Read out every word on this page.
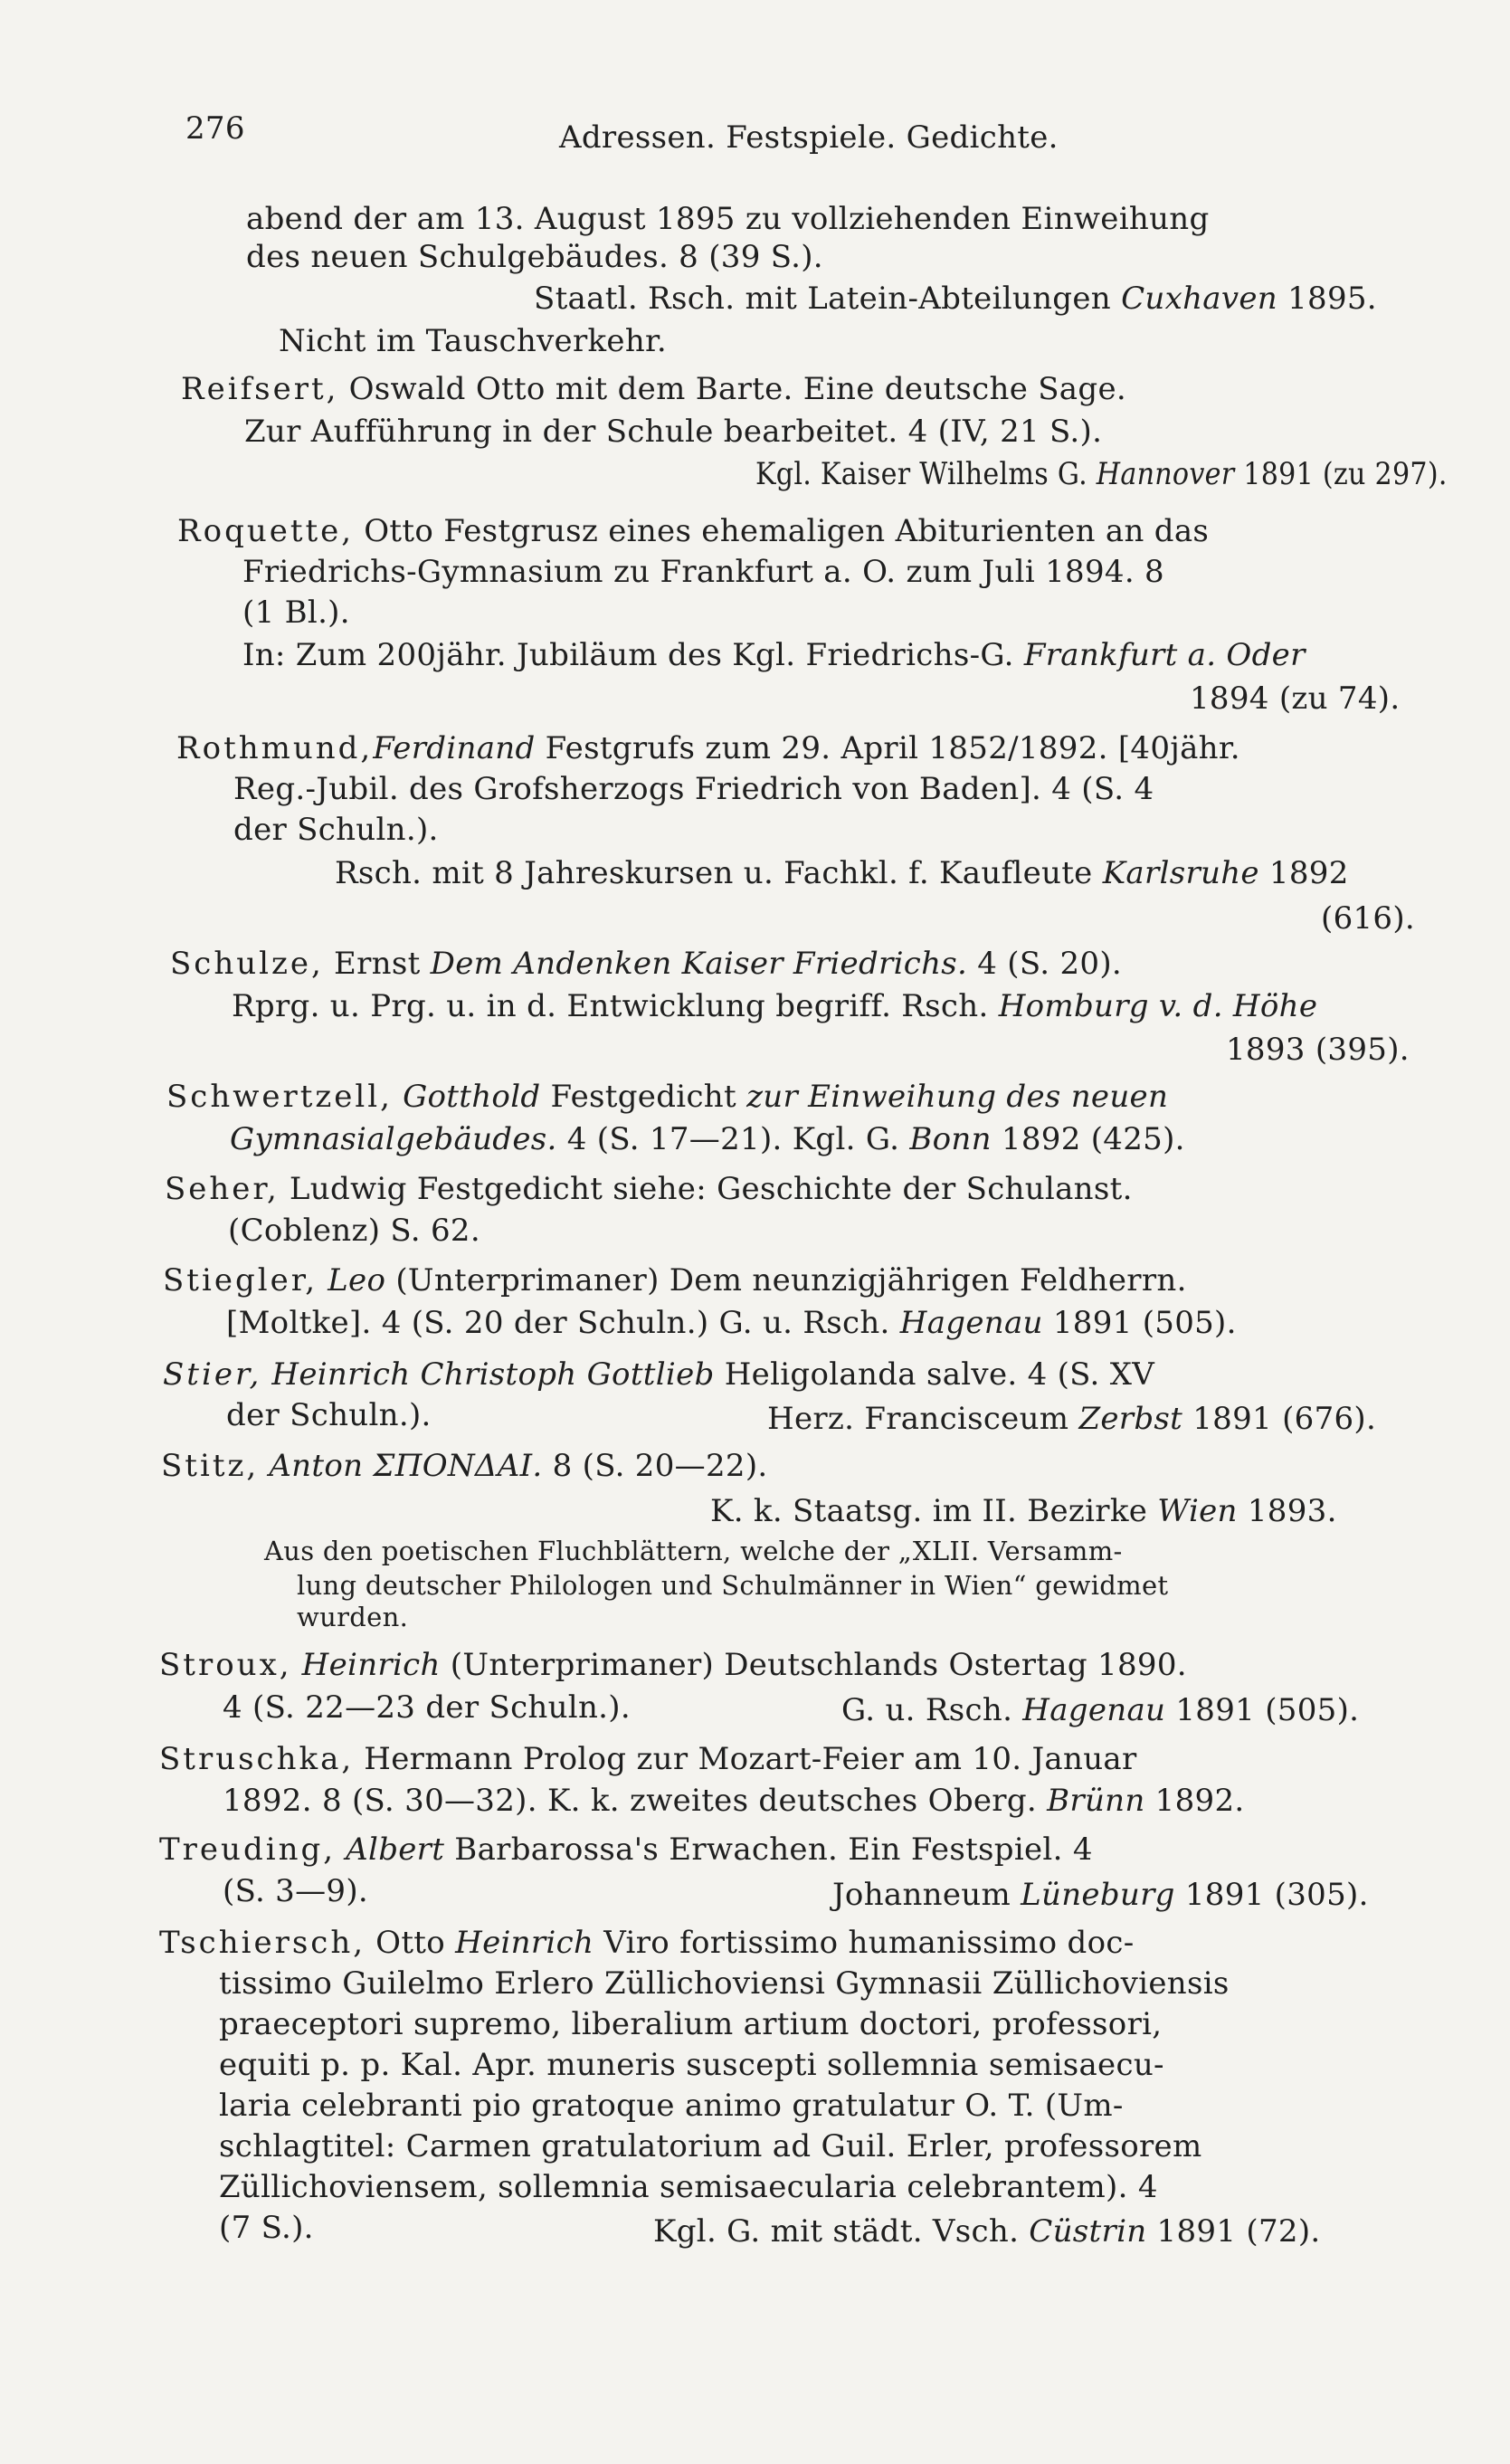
276	Adressen. Festspiele. Gedichte.
abend der am 13. August 1895 zu vollziehenden Einweihung
des neuen Schulgebäudes. 8 (39 S.).
Staatl. Rsch. mit Latein-Abteilungen Cuxhaven 1895.
Nicht im Tauschverkehr.
Reifsert, Oswald Otto mit dem Barte. Eine deutsche Sage.
Zur Aufführung in der Schule bearbeitet. 4 (IV, 21 S.).
Kgl. Kaiser Wilhelms G. Hannover 1891 (zu 297).
Roquette, Otto Festgrusz eines ehemaligen Abiturienten an das
Friedrichs-Gymnasium zu Frankfurt a. O. zum Juli 1894. 8
(1 Bl.).
In: Zum 200jähr. Jubiläum des Kgl. Friedrichs-G. Frankfurt a. Oder
1894 (zu 74).
Rothmund,Ferdinand Festgrufs zum 29. April 1852/1892. [40jähr.
Reg.-Jubil. des Grofsherzogs Friedrich von Baden]. 4 (S. 4
der Schuln.).
Rsch. mit 8 Jahreskursen u. Fachkl. f. Kaufleute Karlsruhe 1892
(616).
Schulze, Ernst Dem Andenken Kaiser Friedrichs. 4 (S. 20).
Rprg. u. Prg. u. in d. Entwicklung begriff. Rsch. Homburg v. d. Höhe
1893 (395).
Schwertzell, Gotthold Festgedicht zur Einweihung des neuen
Gymnasialgebäudes. 4 (S. 17—21). Kgl. G. Bonn 1892 (425).
Seher, Ludwig Festgedicht siehe: Geschichte der Schulanst.
(Coblenz) S. 62.
Stiegler, Leo (Unterprimaner) Dem neunzigjährigen Feldherrn.
[Moltke]. 4 (S. 20 der Schuln.) G. u. Rsch. Hagenau 1891 (505).
Stier, Heinrich Christoph Gottlieb Heligolanda salve. 4 (S. XV
der Schuln.).	Herz. Francisceum Zerbst 1891 (676).
Stitz, Anton ΣΠΟΝΔΑΙ. 8 (S. 20—22).
K. k. Staatsg. im II. Bezirke Wien 1893.
Aus den poetischen Fluchblättern, welche der „XLII. Versamm-
lung deutscher Philologen und Schulmänner in Wien“ gewidmet
wurden.
Stroux, Heinrich (Unterprimaner) Deutschlands Ostertag 1890.
4 (S. 22—23 der Schuln.).	G. u. Rsch. Hagenau 1891 (505).
Struschka, Hermann Prolog zur Mozart-Feier am 10. Januar
1892. 8 (S. 30—32). K. k. zweites deutsches Oberg. Brünn 1892.
Treuding, Albert Barbarossa's Erwachen. Ein Festspiel. 4
(S. 3—9).	Johanneum Lüneburg 1891 (305).
Tschiersch, Otto Heinrich Viro fortissimo humanissimo doc-
tissimo Guilelmo Erlero Züllichoviensi Gymnasii Züllichoviensis
praeceptori supremo, liberalium artium doctori, professori,
equiti p. p. Kal. Apr. muneris suscepti sollemnia semisaecu-
laria celebranti pio gratoque animo gratulatur O. T. (Um-
schlagtitel: Carmen gratulatorium ad Guil. Erler, professorem
Züllichoviensem, sollemnia semisaecularia celebrantem). 4
(7 S.).	Kgl. G. mit städt. Vsch. Cüstrin 1891 (72).
